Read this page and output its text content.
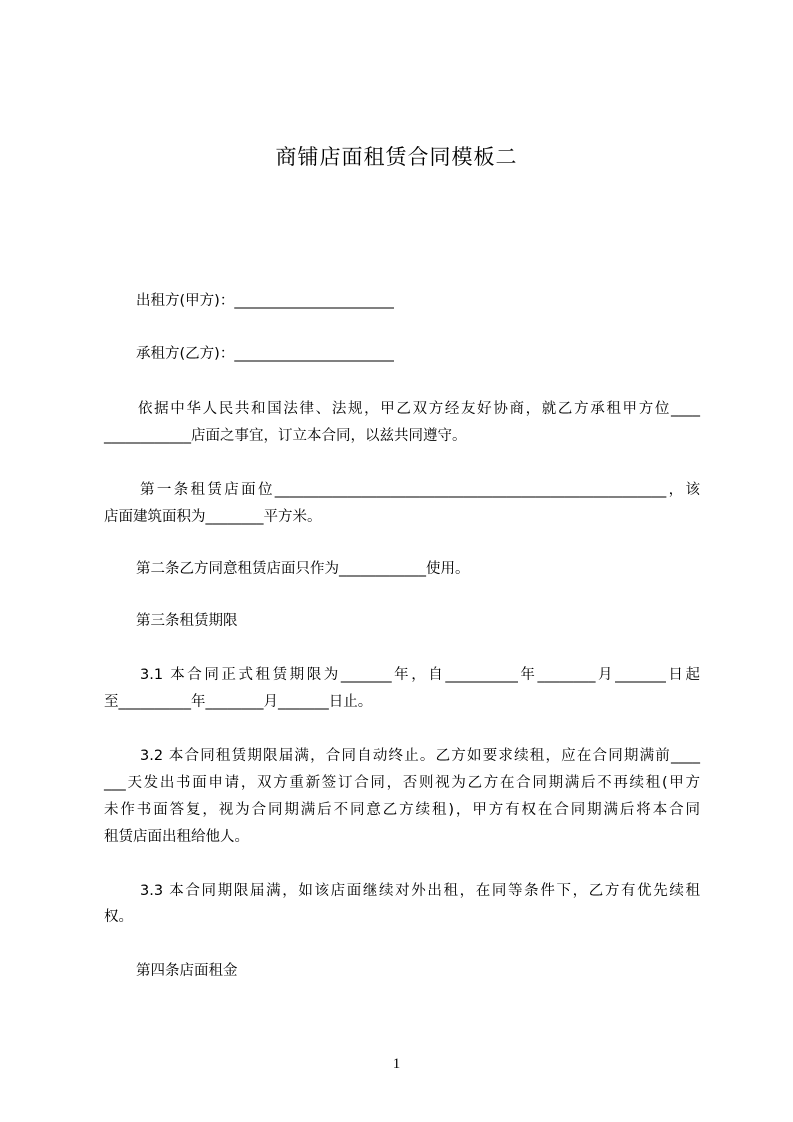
商铺店面租赁合同模板二
出租方(甲方)：______________________
承租方(乙方)：______________________
依据中华人民共和国法律、法规，甲乙双方经友好协商，就乙方承租甲方位____
____________店面之事宜，订立本合同，以兹共同遵守。
第一条租赁店面位______________________________________________________，该
店面建筑面积为________平方米。
第二条乙方同意租赁店面只作为____________使用。
第三条租赁期限
3.1 本合同正式租赁期限为_______年，自__________年________月_______日起
至__________年________月_______日止。
3.2 本合同租赁期限届满，合同自动终止。乙方如要求续租，应在合同期满前____
___天发出书面申请，双方重新签订合同，否则视为乙方在合同期满后不再续租(甲方
未作书面答复，视为合同期满后不同意乙方续租)，甲方有权在合同期满后将本合同
租赁店面出租给他人。
3.3 本合同期限届满，如该店面继续对外出租，在同等条件下，乙方有优先续租
权。
第四条店面租金
1
